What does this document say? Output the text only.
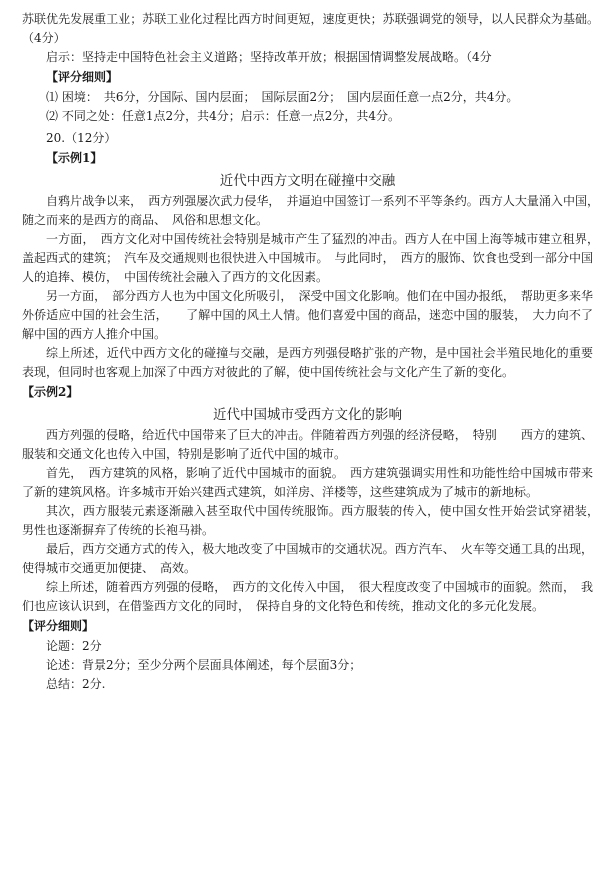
苏联优先发展重工业；苏联工业化过程比西方时间更短，速度更快；苏联强调党的领导，以人民群众为基础。　（4分）

启示：坚持走中国特色社会主义道路；坚持改革开放；根据国情调整发展战略。（4分

【评分细则】

⑴ 困境：　共6分，分国际、国内层面；　国际层面2分；　国内层面任意一点2分，共4分。

⑵ 不同之处：任意1点2分，共4分；启示：任意一点2分，共4分。

20.（12分）

【示例1】

近代中西方文明在碰撞中交融

自鸦片战争以来，　西方列强屡次武力侵华，　并逼迫中国签订一系列不平等条约。西方人大量涌入中国，　随之而来的是西方的商品、　风俗和思想文化。

一方面，　西方文化对中国传统社会特别是城市产生了猛烈的冲击。西方人在中国上海等城市建立租界，　盖起西式的建筑；　汽车及交通规则也很快进入中国城市。　与此同时，　西方的服饰、饮食也受到一部分中国人的追捧、模仿，　中国传统社会融入了西方的文化因素。

另一方面，　部分西方人也为中国文化所吸引，　深受中国文化影响。他们在中国办报纸，　帮助更多来华外侨适应中国的社会生活，　　了解中国的风土人情。他们喜爱中国的商品，迷恋中国的服装，　大力向不了解中国的西方人推介中国。

综上所述，近代中西方文化的碰撞与交融，是西方列强侵略扩张的产物，是中国社会半殖民地化的重要表现，但同时也客观上加深了中西方对彼此的了解，使中国传统社会与文化产生了新的变化。

【示例2】

近代中国城市受西方文化的影响

西方列强的侵略，给近代中国带来了巨大的冲击。伴随着西方列强的经济侵略，　特别　　西方的建筑、服装和交通文化也传入中国，特别是影响了近代中国的城市。

首先，　西方建筑的风格，影响了近代中国城市的面貌。　西方建筑强调实用性和功能性给中国城市带来了新的建筑风格。许多城市开始兴建西式建筑，如洋房、洋楼等，这些建筑成为了城市的新地标。

其次，西方服装元素逐渐融入甚至取代中国传统服饰。西方服装的传入，使中国女性开始尝试穿裙装，　男性也逐渐摒弃了传统的长袍马褂。

最后，西方交通方式的传入，极大地改变了中国城市的交通状况。西方汽车、　火车等交通工具的出现，使得城市交通更加便捷、　高效。

综上所述，随着西方列强的侵略，　西方的文化传入中国，　很大程度改变了中国城市的面貌。然而，　我们也应该认识到，在借鉴西方文化的同时，　保持自身的文化特色和传统，推动文化的多元化发展。

【评分细则】

论题：2分

论述：背景2分；至少分两个层面具体阐述，每个层面3分；

总结：2分.
